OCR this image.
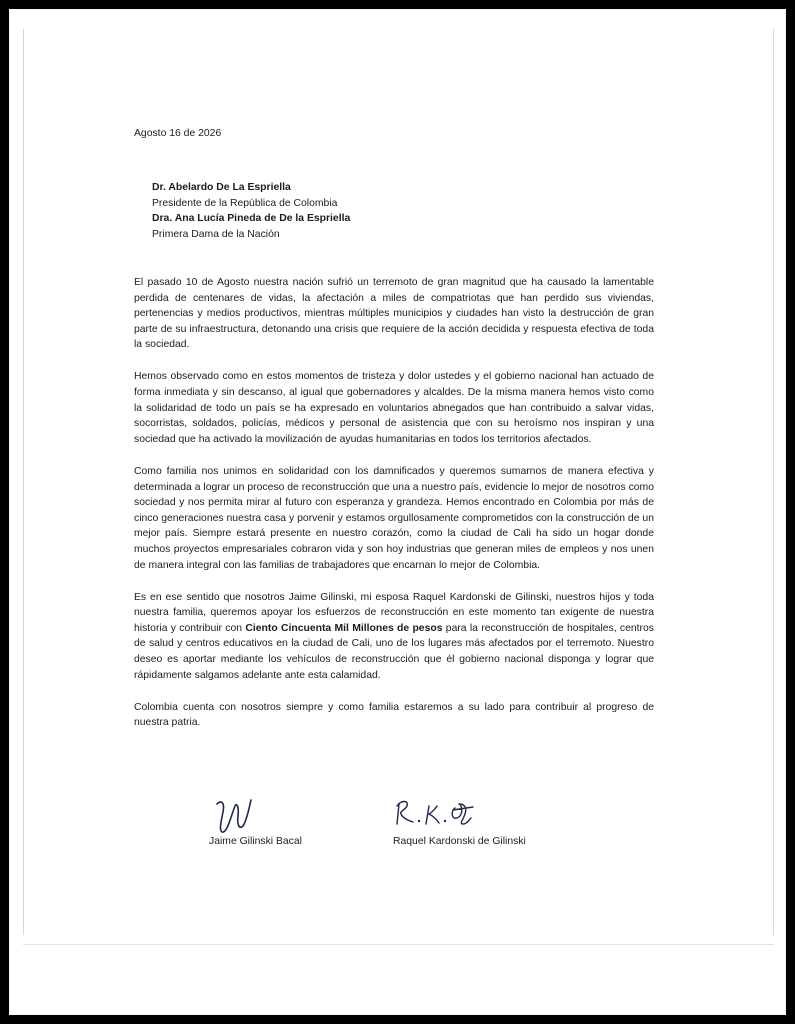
Agosto 16 de 2026
Dr. Abelardo De La Espriella
Presidente de la República de Colombia
Dra. Ana Lucía Pineda de De la Espriella
Primera Dama de la Nación

El pasado 10 de Agosto nuestra nación sufrió un terremoto de gran magnitud que ha causado la lamentable perdida de centenares de vidas, la afectación a miles de compatriotas que han perdido sus viviendas, pertenencias y medios productivos, mientras múltiples municipios y ciudades han visto la destrucción de gran parte de su infraestructura, detonando una crisis que requiere de la acción decidida y respuesta efectiva de toda la sociedad.

Hemos observado como en estos momentos de tristeza y dolor ustedes y el gobierno nacional han actuado de forma inmediata y sin descanso, al igual que gobernadores y alcaldes. De la misma manera hemos visto como la solidaridad de todo un país se ha expresado en voluntarios abnegados que han contribuido a salvar vidas, socorristas, soldados, policías, médicos y personal de asistencia que con su heroísmo nos inspiran y una sociedad que ha activado la movilización de ayudas humanitarias en todos los territorios afectados.

Como familia nos unimos en solidaridad con los damnificados y queremos sumarnos de manera efectiva y determinada a lograr un proceso de reconstrucción que una a nuestro país, evidencie lo mejor de nosotros como sociedad y nos permita mirar al futuro con esperanza y grandeza. Hemos encontrado en Colombia por más de cinco generaciones nuestra casa y porvenir y estamos orgullosamente comprometidos con la construcción de un mejor país. Siempre estará presente en nuestro corazón, como la ciudad de Cali ha sido un hogar donde muchos proyectos empresariales cobraron vida y son hoy industrias que generan miles de empleos y nos unen de manera integral con las familias de trabajadores que encarnan lo mejor de Colombia.

Es en ese sentido que nosotros Jaime Gilinski, mi esposa Raquel Kardonski de Gilinski, nuestros hijos y toda nuestra familia, queremos apoyar los esfuerzos de reconstrucción en este momento tan exigente de nuestra historia y contribuir con Ciento Cincuenta Mil Millones de pesos para la reconstrucción de hospitales, centros de salud y centros educativos en la ciudad de Cali, uno de los lugares más afectados por el terremoto. Nuestro deseo es aportar mediante los vehículos de reconstrucción que él gobierno nacional disponga y lograr que rápidamente salgamos adelante ante esta calamidad.

Colombia cuenta con nosotros siempre y como familia estaremos a su lado para contribuir al progreso de nuestra patria.

Jaime Gilinski Bacal	Raquel Kardonski de Gilinski
